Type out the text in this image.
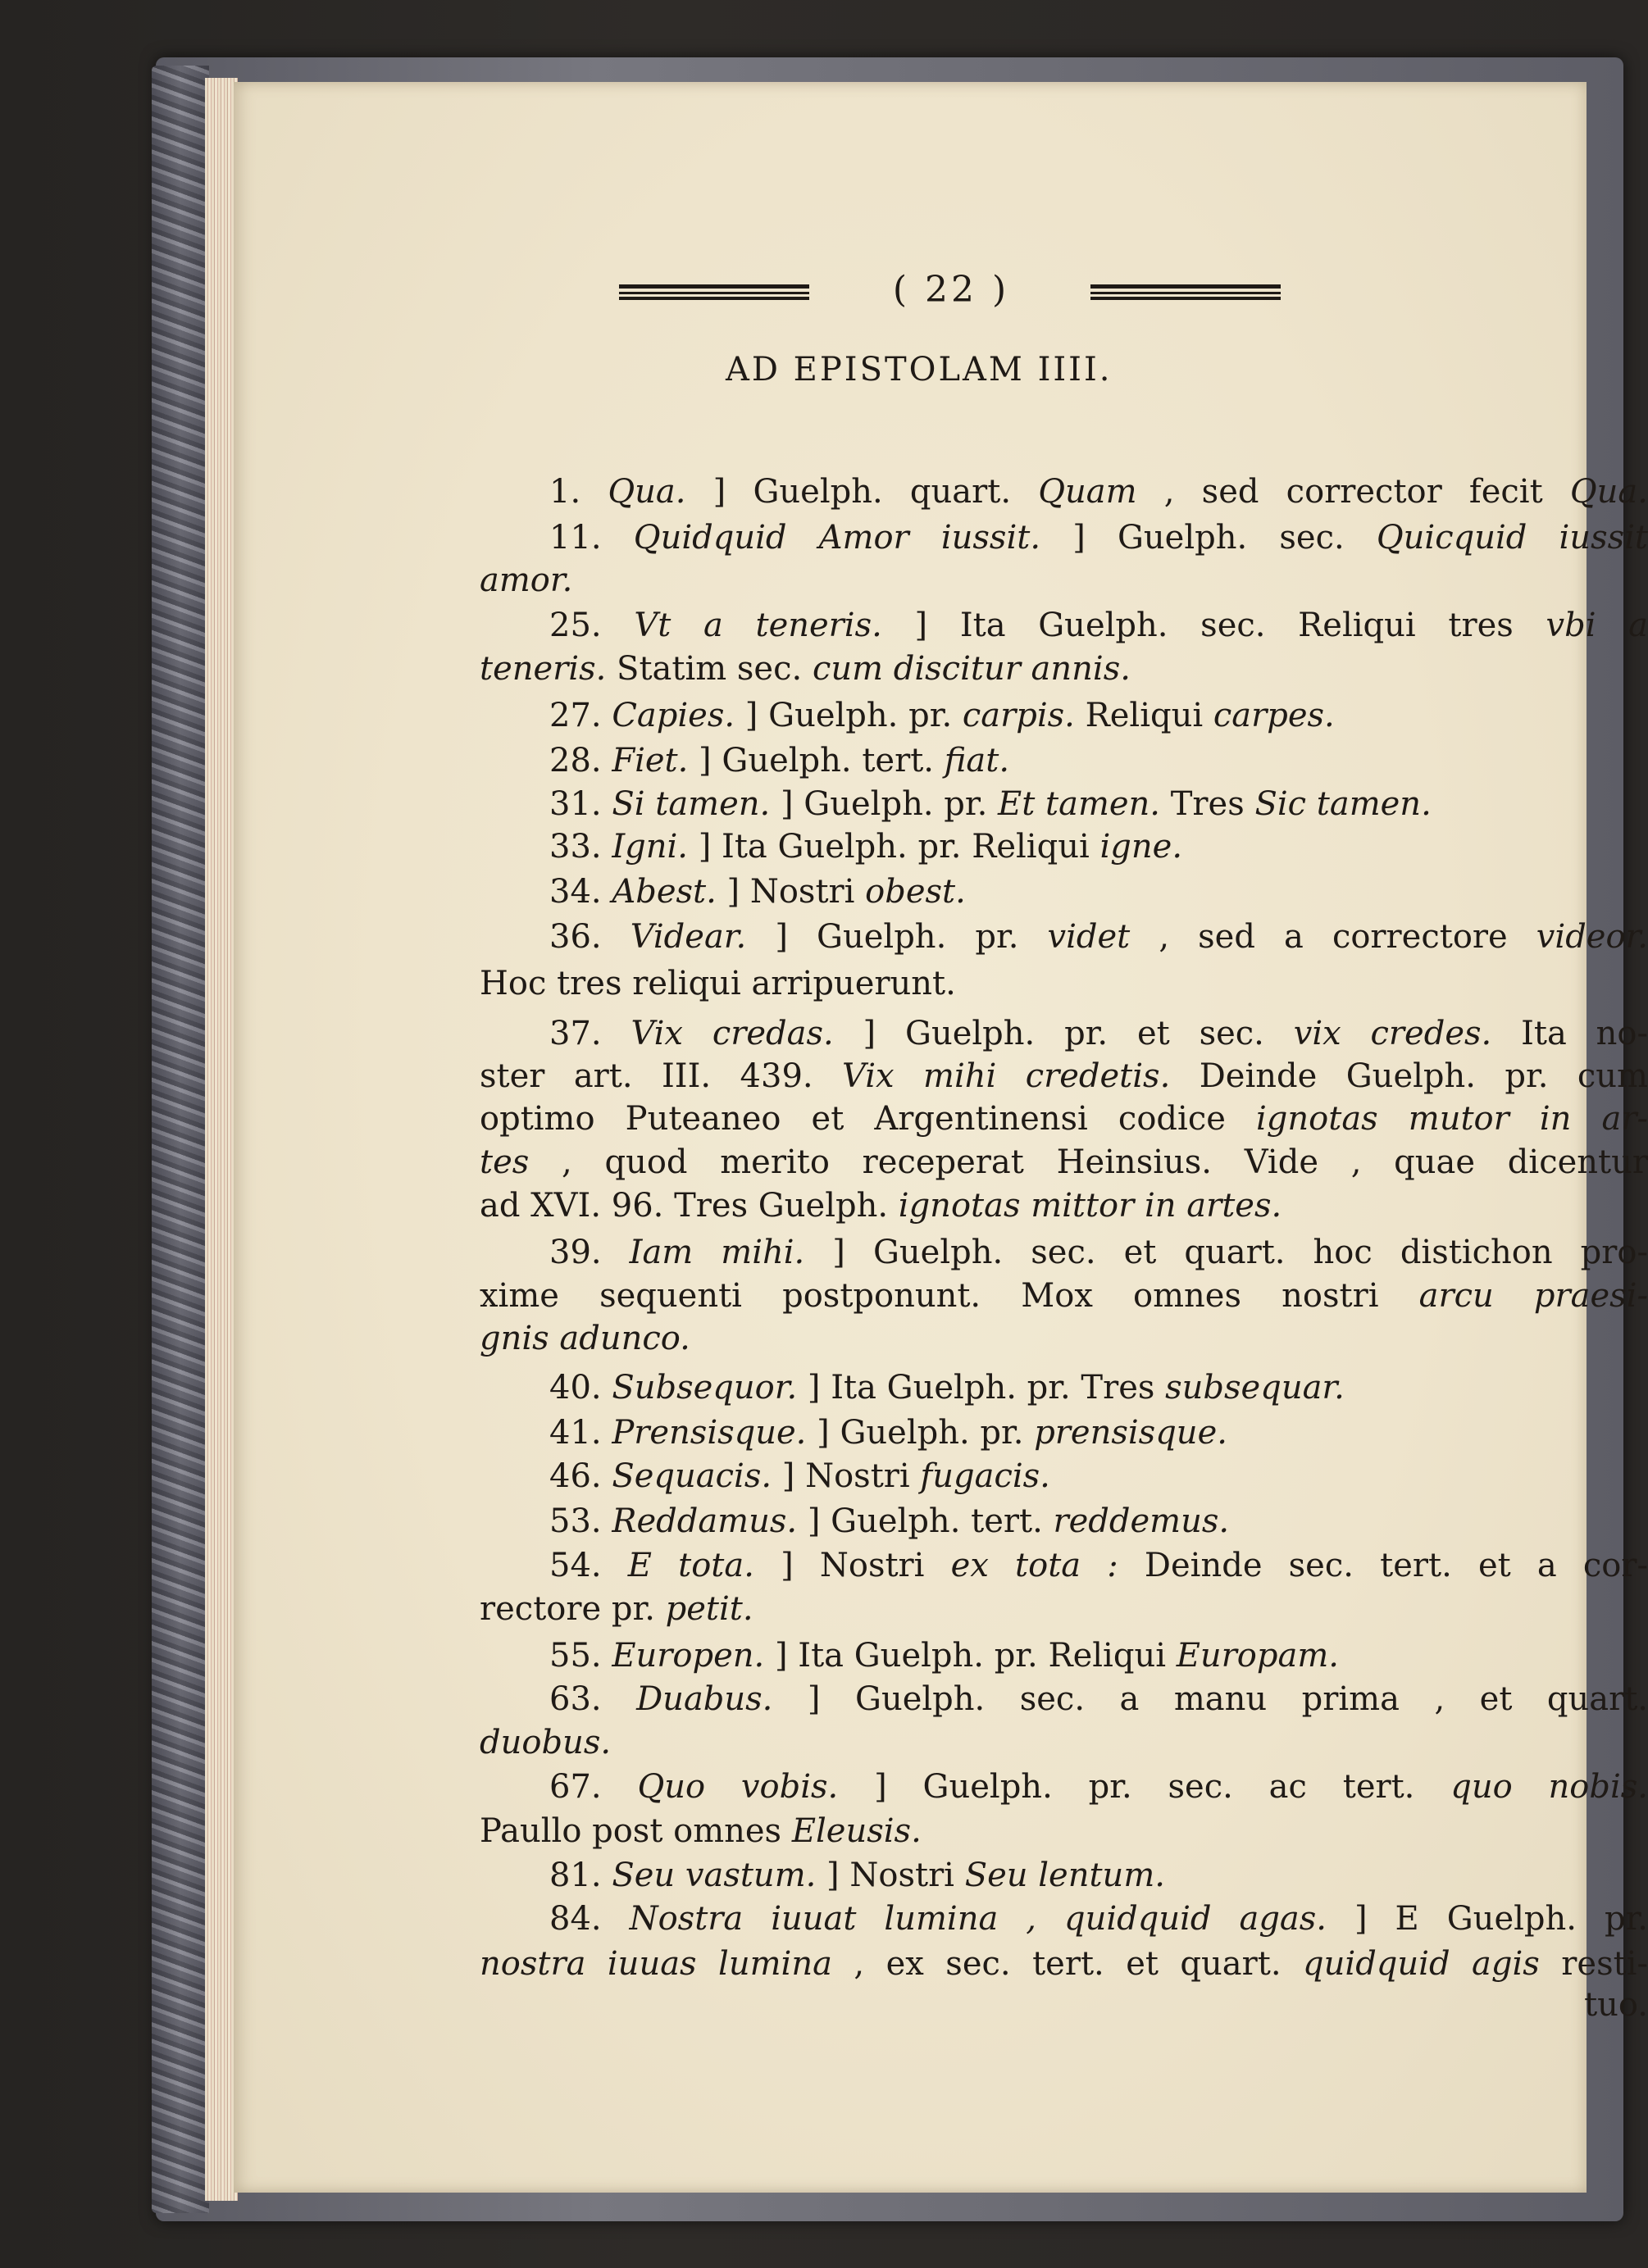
( 22 )
AD EPISTOLAM IIII.
1. Qua. ] Guelph. quart. Quam , sed corrector fecit Qua.
11. Quidquid Amor iussit. ] Guelph. sec. Quicquid iussit
amor.
25. Vt a teneris. ] Ita Guelph. sec. Reliqui tres vbi a
teneris. Statim sec. cum discitur annis.
27. Capies. ] Guelph. pr. carpis. Reliqui carpes.
28. Fiet. ] Guelph. tert. fiat.
31. Si tamen. ] Guelph. pr. Et tamen. Tres Sic tamen.
33. Igni. ] Ita Guelph. pr. Reliqui igne.
34. Abest. ] Nostri obest.
36. Videar. ] Guelph. pr. videt , sed a correctore videor.
Hoc tres reliqui arripuerunt.
37. Vix credas. ] Guelph. pr. et sec. vix credes. Ita no-
ster art. III. 439. Vix mihi credetis. Deinde Guelph. pr. cum
optimo Puteaneo et Argentinensi codice ignotas mutor in ar-
tes , quod merito receperat Heinsius. Vide , quae dicentur
ad XVI. 96. Tres Guelph. ignotas mittor in artes.
39. Iam mihi. ] Guelph. sec. et quart. hoc distichon pro-
xime sequenti postponunt. Mox omnes nostri arcu praesi-
gnis adunco.
40. Subsequor. ] Ita Guelph. pr. Tres subsequar.
41. Prensisque. ] Guelph. pr. prensisque.
46. Sequacis. ] Nostri fugacis.
53. Reddamus. ] Guelph. tert. reddemus.
54. E tota. ] Nostri ex tota : Deinde sec. tert. et a cor-
rectore pr. petit.
55. Europen. ] Ita Guelph. pr. Reliqui Europam.
63. Duabus. ] Guelph. sec. a manu prima , et quart.
duobus.
67. Quo vobis. ] Guelph. pr. sec. ac tert. quo nobis.
Paullo post omnes Eleusis.
81. Seu vastum. ] Nostri Seu lentum.
84. Nostra iuuat lumina , quidquid agas. ] E Guelph. pr.
nostra iuuas lumina , ex sec. tert. et quart. quidquid agis resti-
tuo.
